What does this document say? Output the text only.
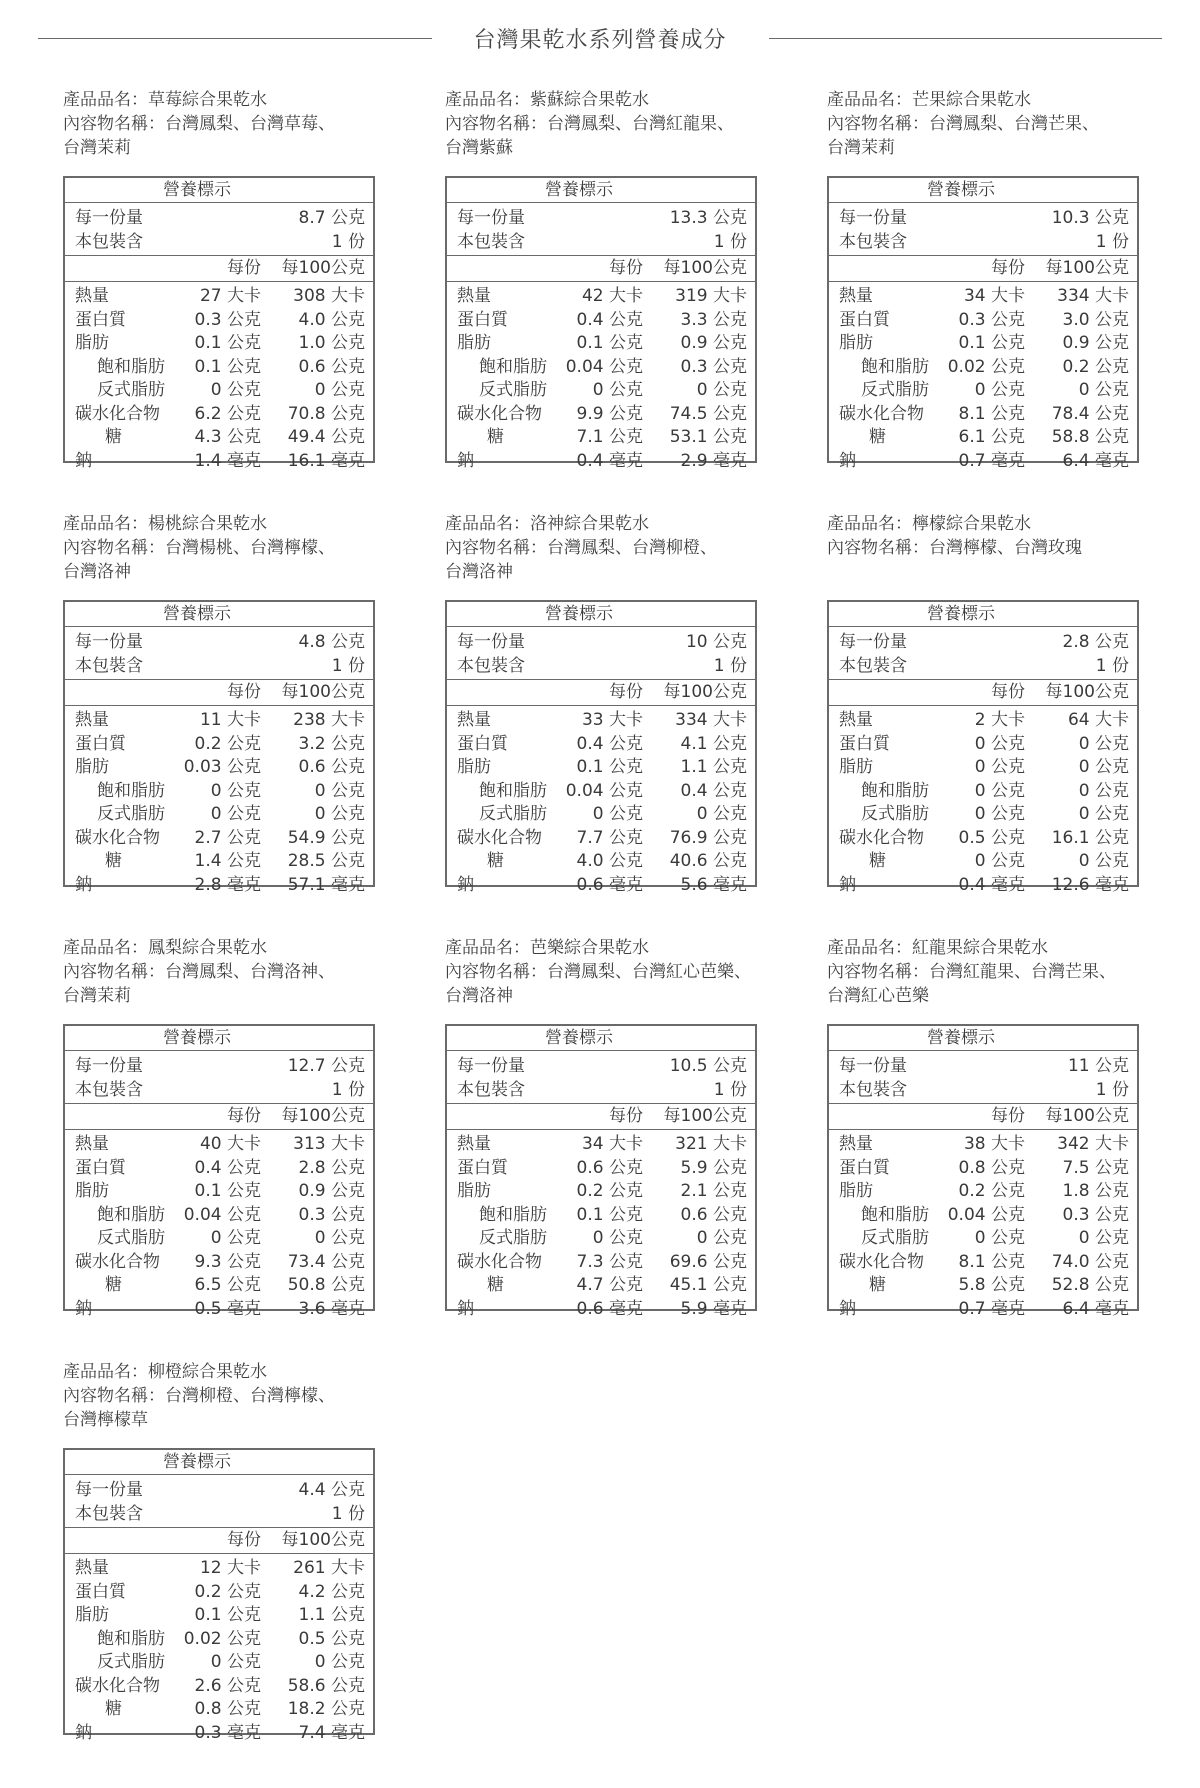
台灣果乾水系列營養成分
產品品名：草莓綜合果乾水
內容物名稱：台灣鳳梨、台灣草莓、
台灣茉莉
營養標示
每一份量	8.7 公克
本包裝含	1 份
每份	每100公克
熱量	27 大卡	308 大卡
蛋白質	0.3 公克	4.0 公克
脂肪	0.1 公克	1.0 公克
飽和脂肪	0.1 公克	0.6 公克
反式脂肪	0 公克	0 公克
碳水化合物	6.2 公克	70.8 公克
糖	4.3 公克	49.4 公克
鈉	1.4 毫克	16.1 毫克
產品品名：紫蘇綜合果乾水
內容物名稱：台灣鳳梨、台灣紅龍果、
台灣紫蘇
營養標示
每一份量	13.3 公克
本包裝含	1 份
每份	每100公克
熱量	42 大卡	319 大卡
蛋白質	0.4 公克	3.3 公克
脂肪	0.1 公克	0.9 公克
飽和脂肪	0.04 公克	0.3 公克
反式脂肪	0 公克	0 公克
碳水化合物	9.9 公克	74.5 公克
糖	7.1 公克	53.1 公克
鈉	0.4 毫克	2.9 毫克
產品品名：芒果綜合果乾水
內容物名稱：台灣鳳梨、台灣芒果、
台灣茉莉
營養標示
每一份量	10.3 公克
本包裝含	1 份
每份	每100公克
熱量	34 大卡	334 大卡
蛋白質	0.3 公克	3.0 公克
脂肪	0.1 公克	0.9 公克
飽和脂肪	0.02 公克	0.2 公克
反式脂肪	0 公克	0 公克
碳水化合物	8.1 公克	78.4 公克
糖	6.1 公克	58.8 公克
鈉	0.7 毫克	6.4 毫克
產品品名：楊桃綜合果乾水
內容物名稱：台灣楊桃、台灣檸檬、
台灣洛神
營養標示
每一份量	4.8 公克
本包裝含	1 份
每份	每100公克
熱量	11 大卡	238 大卡
蛋白質	0.2 公克	3.2 公克
脂肪	0.03 公克	0.6 公克
飽和脂肪	0 公克	0 公克
反式脂肪	0 公克	0 公克
碳水化合物	2.7 公克	54.9 公克
糖	1.4 公克	28.5 公克
鈉	2.8 毫克	57.1 毫克
產品品名：洛神綜合果乾水
內容物名稱：台灣鳳梨、台灣柳橙、
台灣洛神
營養標示
每一份量	10 公克
本包裝含	1 份
每份	每100公克
熱量	33 大卡	334 大卡
蛋白質	0.4 公克	4.1 公克
脂肪	0.1 公克	1.1 公克
飽和脂肪	0.04 公克	0.4 公克
反式脂肪	0 公克	0 公克
碳水化合物	7.7 公克	76.9 公克
糖	4.0 公克	40.6 公克
鈉	0.6 毫克	5.6 毫克
產品品名：檸檬綜合果乾水
內容物名稱：台灣檸檬、台灣玫瑰
營養標示
每一份量	2.8 公克
本包裝含	1 份
每份	每100公克
熱量	2 大卡	64 大卡
蛋白質	0 公克	0 公克
脂肪	0 公克	0 公克
飽和脂肪	0 公克	0 公克
反式脂肪	0 公克	0 公克
碳水化合物	0.5 公克	16.1 公克
糖	0 公克	0 公克
鈉	0.4 毫克	12.6 毫克
產品品名：鳳梨綜合果乾水
內容物名稱：台灣鳳梨、台灣洛神、
台灣茉莉
營養標示
每一份量	12.7 公克
本包裝含	1 份
每份	每100公克
熱量	40 大卡	313 大卡
蛋白質	0.4 公克	2.8 公克
脂肪	0.1 公克	0.9 公克
飽和脂肪	0.04 公克	0.3 公克
反式脂肪	0 公克	0 公克
碳水化合物	9.3 公克	73.4 公克
糖	6.5 公克	50.8 公克
鈉	0.5 毫克	3.6 毫克
產品品名：芭樂綜合果乾水
內容物名稱：台灣鳳梨、台灣紅心芭樂、
台灣洛神
營養標示
每一份量	10.5 公克
本包裝含	1 份
每份	每100公克
熱量	34 大卡	321 大卡
蛋白質	0.6 公克	5.9 公克
脂肪	0.2 公克	2.1 公克
飽和脂肪	0.1 公克	0.6 公克
反式脂肪	0 公克	0 公克
碳水化合物	7.3 公克	69.6 公克
糖	4.7 公克	45.1 公克
鈉	0.6 毫克	5.9 毫克
產品品名：紅龍果綜合果乾水
內容物名稱：台灣紅龍果、台灣芒果、
台灣紅心芭樂
營養標示
每一份量	11 公克
本包裝含	1 份
每份	每100公克
熱量	38 大卡	342 大卡
蛋白質	0.8 公克	7.5 公克
脂肪	0.2 公克	1.8 公克
飽和脂肪	0.04 公克	0.3 公克
反式脂肪	0 公克	0 公克
碳水化合物	8.1 公克	74.0 公克
糖	5.8 公克	52.8 公克
鈉	0.7 毫克	6.4 毫克
產品品名：柳橙綜合果乾水
內容物名稱：台灣柳橙、台灣檸檬、
台灣檸檬草
營養標示
每一份量	4.4 公克
本包裝含	1 份
每份	每100公克
熱量	12 大卡	261 大卡
蛋白質	0.2 公克	4.2 公克
脂肪	0.1 公克	1.1 公克
飽和脂肪	0.02 公克	0.5 公克
反式脂肪	0 公克	0 公克
碳水化合物	2.6 公克	58.6 公克
糖	0.8 公克	18.2 公克
鈉	0.3 毫克	7.4 毫克
